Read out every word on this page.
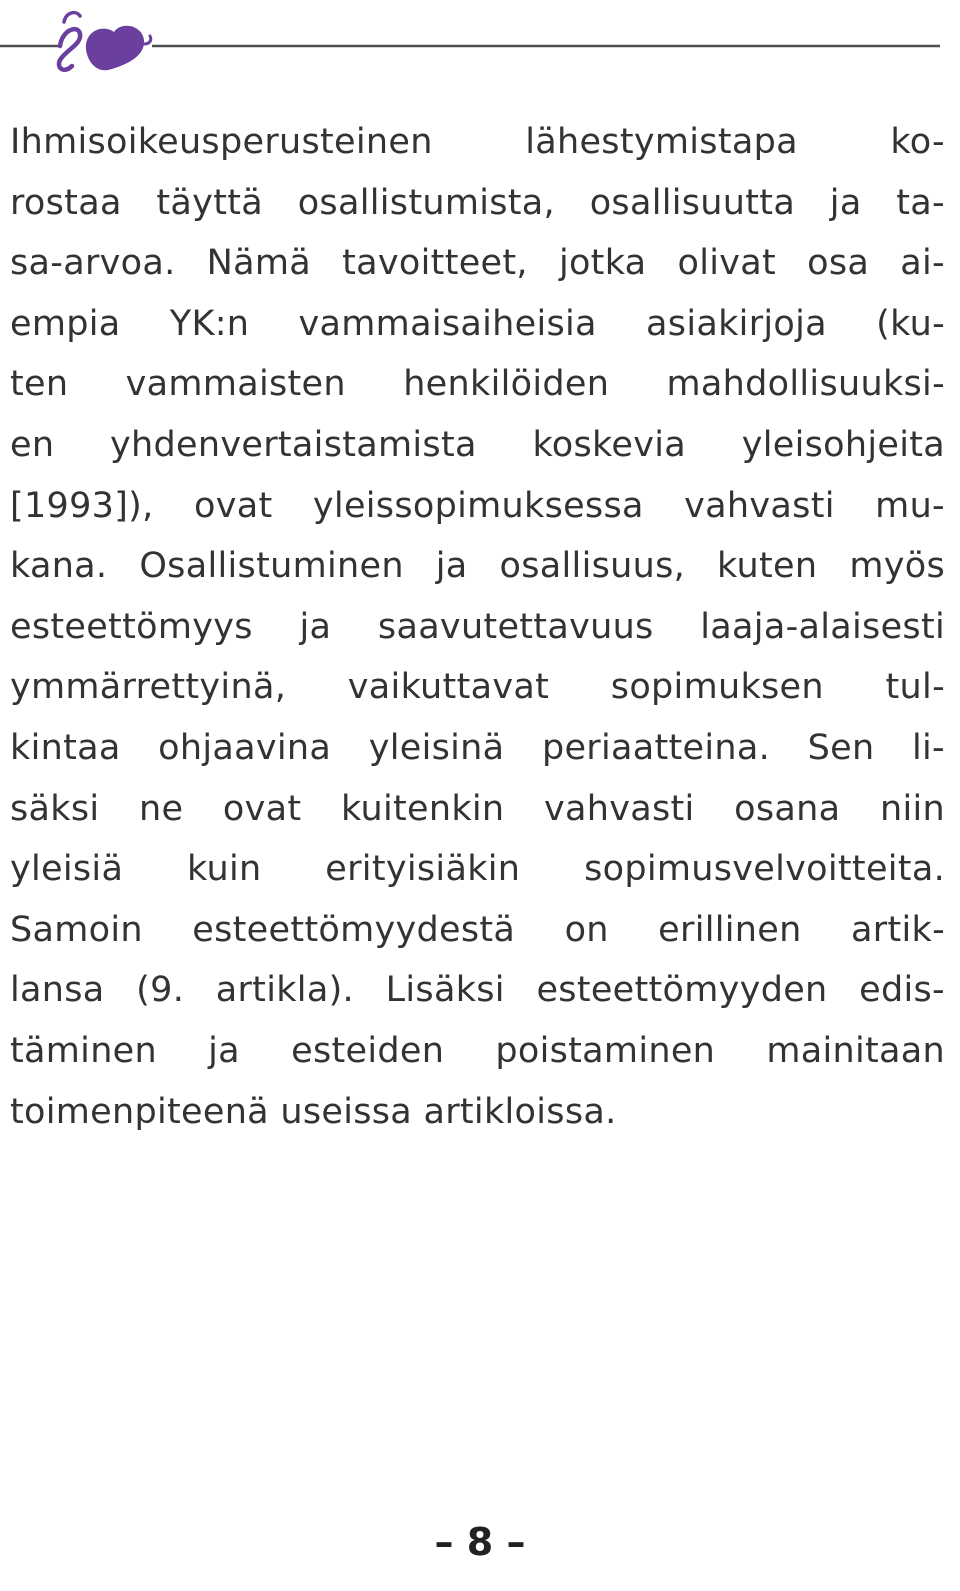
Ihmisoikeusperusteinen lähestymistapa ko-
rostaa täyttä osallistumista, osallisuutta ja ta-
sa-arvoa. Nämä tavoitteet, jotka olivat osa ai-
empia YK:n vammaisaiheisia asiakirjoja (ku-
ten vammaisten henkilöiden mahdollisuuksi-
en yhdenvertaistamista koskevia yleisohjeita
[1993]), ovat yleissopimuksessa vahvasti mu-
kana. Osallistuminen ja osallisuus, kuten myös
esteettömyys ja saavutettavuus laaja-alaisesti
ymmärrettyinä, vaikuttavat sopimuksen tul-
kintaa ohjaavina yleisinä periaatteina. Sen li-
säksi ne ovat kuitenkin vahvasti osana niin
yleisiä kuin erityisiäkin sopimusvelvoitteita.
Samoin esteettömyydestä on erillinen artik-
lansa (9. artikla). Lisäksi esteettömyyden edis-
täminen ja esteiden poistaminen mainitaan
toimenpiteenä useissa artikloissa.
– 8 –
